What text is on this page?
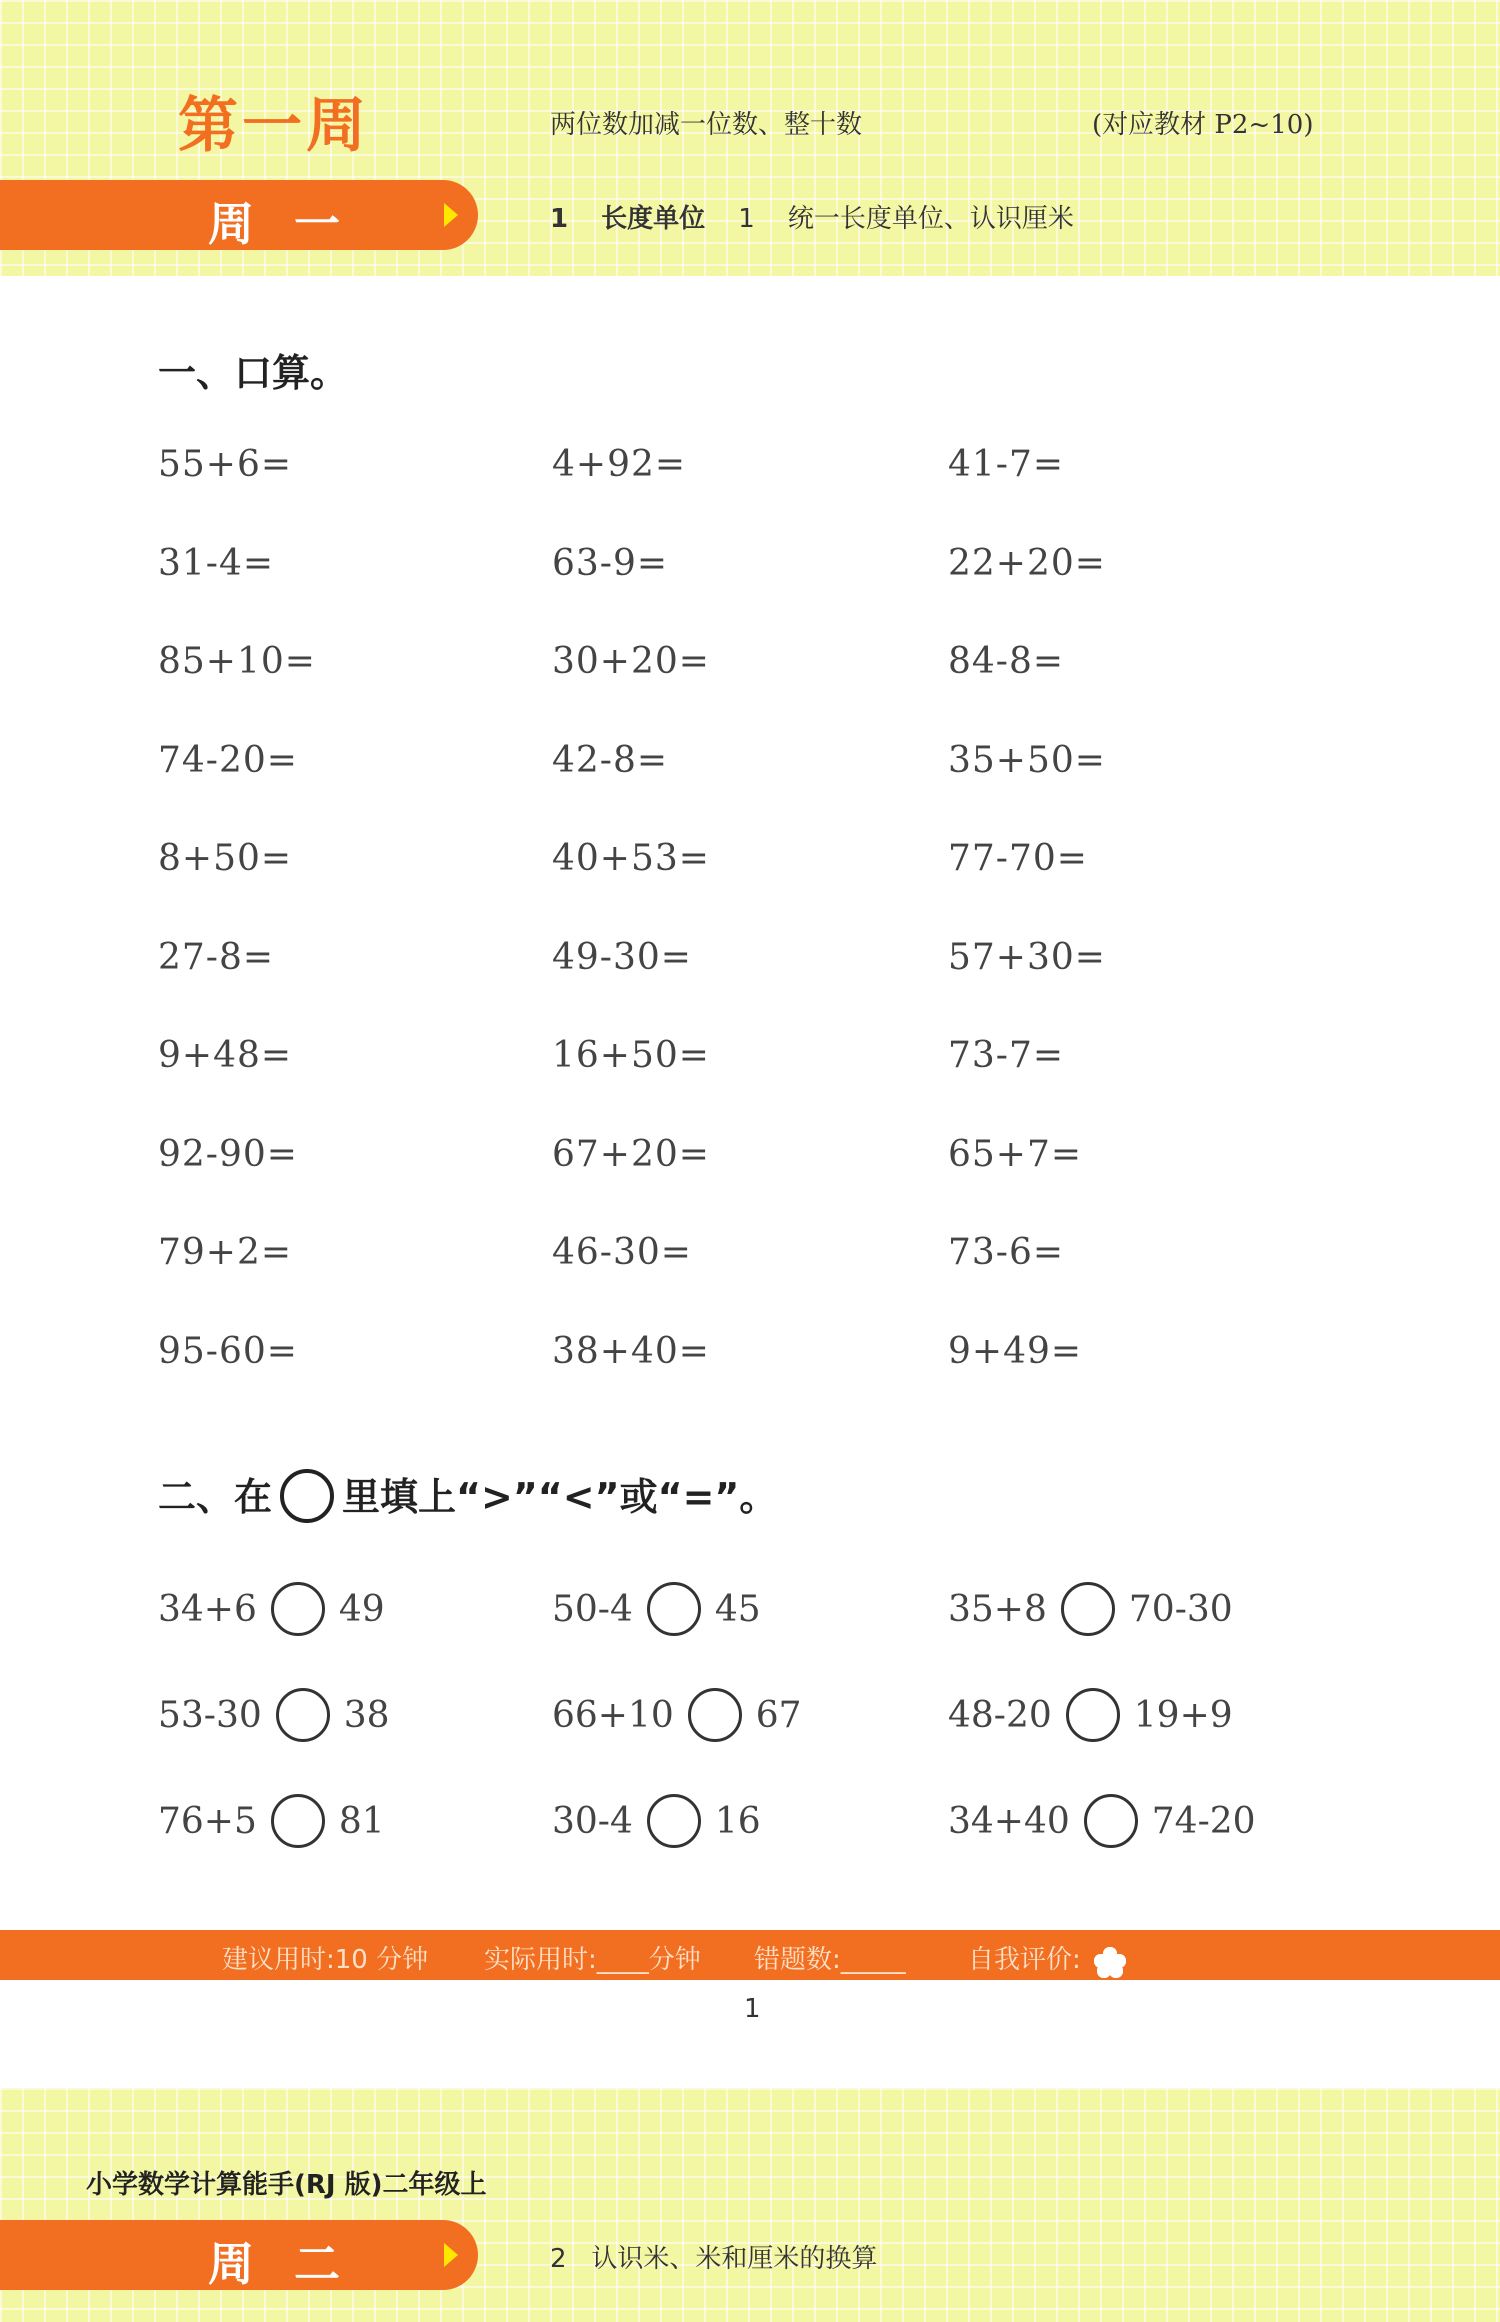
第一周	两位数加减一位数、整十数	(对应教材 P2~10)
周一	1 长度单位 1 统一长度单位、认识厘米
一、口算。
55+6=	4+92=	41-7=
31-4=	63-9=	22+20=
85+10=	30+20=	84-8=
74-20=	42-8=	35+50=
8+50=	40+53=	77-70=
27-8=	49-30=	57+30=
9+48=	16+50=	73-7=
92-90=	67+20=	65+7=
79+2=	46-30=	73-6=
95-60=	38+40=	9+49=
二、在 里填上“>”“<”或“=”。
34+6 49	50-4 45	35+8 70-30
53-30 38	66+10 67	48-20 19+9
76+5 81	30-4 16	34+40 74-20
建议用时:10 分钟 实际用时:____分钟 错题数:_____ 自我评价:
1
小学数学计算能手(RJ 版)二年级上
周二	2 认识米、米和厘米的换算
